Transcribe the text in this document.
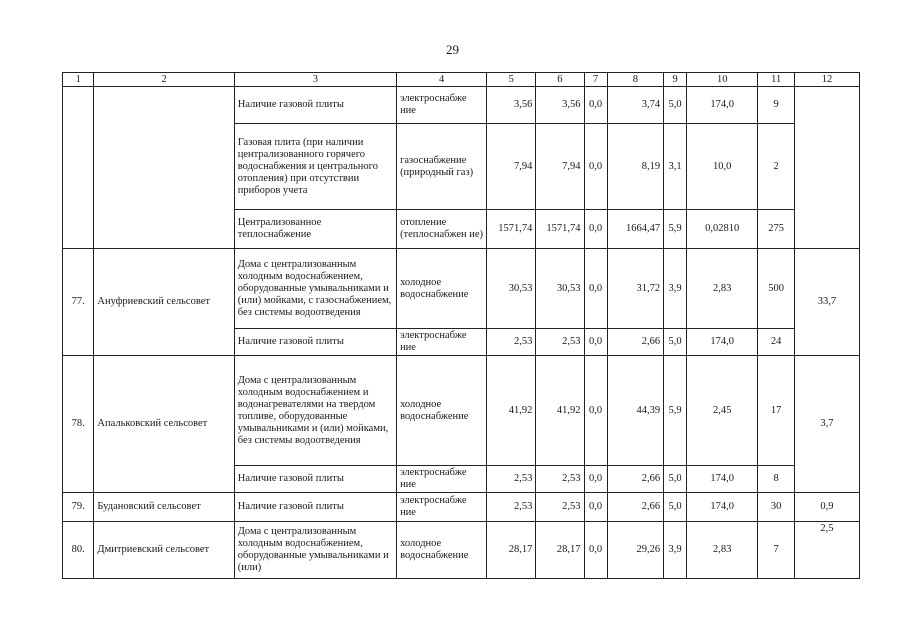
29
1	2	3	4	5	6	7	8	9	10	11	12
		Наличие газовой плиты	электроснабже ние	3,56	3,56	0,0	3,74	5,0	174,0	9	
		Газовая плита (при наличии централизованного горячего водоснабжения и центрального отопления) при отсутствии приборов учета	газоснабжение (природный газ)	7,94	7,94	0,0	8,19	3,1	10,0	2	
		Централизованное теплоснабжение	отопление (теплоснабжен ие)	1571,74	1571,74	0,0	1664,47	5,9	0,02810	275	
77.	Ануфриевский сельсовет	Дома с централизованным холодным водоснабжением, оборудованные умывальниками и (или) мойками, с газоснабжением, без системы водоотведения	холодное водоснабжение	30,53	30,53	0,0	31,72	3,9	2,83	500	33,7
		Наличие газовой плиты	электроснабже ние	2,53	2,53	0,0	2,66	5,0	174,0	24	
78.	Апальковский сельсовет	Дома с централизованным холодным водоснабжением и водонагревателями на твердом топливе, оборудованные умывальниками и (или) мойками, без системы водоотведения	холодное водоснабжение	41,92	41,92	0,0	44,39	5,9	2,45	17	3,7
		Наличие газовой плиты	электроснабже ние	2,53	2,53	0,0	2,66	5,0	174,0	8	
79.	Будановский сельсовет	Наличие газовой плиты	электроснабже ние	2,53	2,53	0,0	2,66	5,0	174,0	30	0,9
80.	Дмитриевский сельсовет	Дома с централизованным холодным водоснабжением, оборудованные умывальниками и (или)	холодное водоснабжение	28,17	28,17	0,0	29,26	3,9	2,83	7	2,5
